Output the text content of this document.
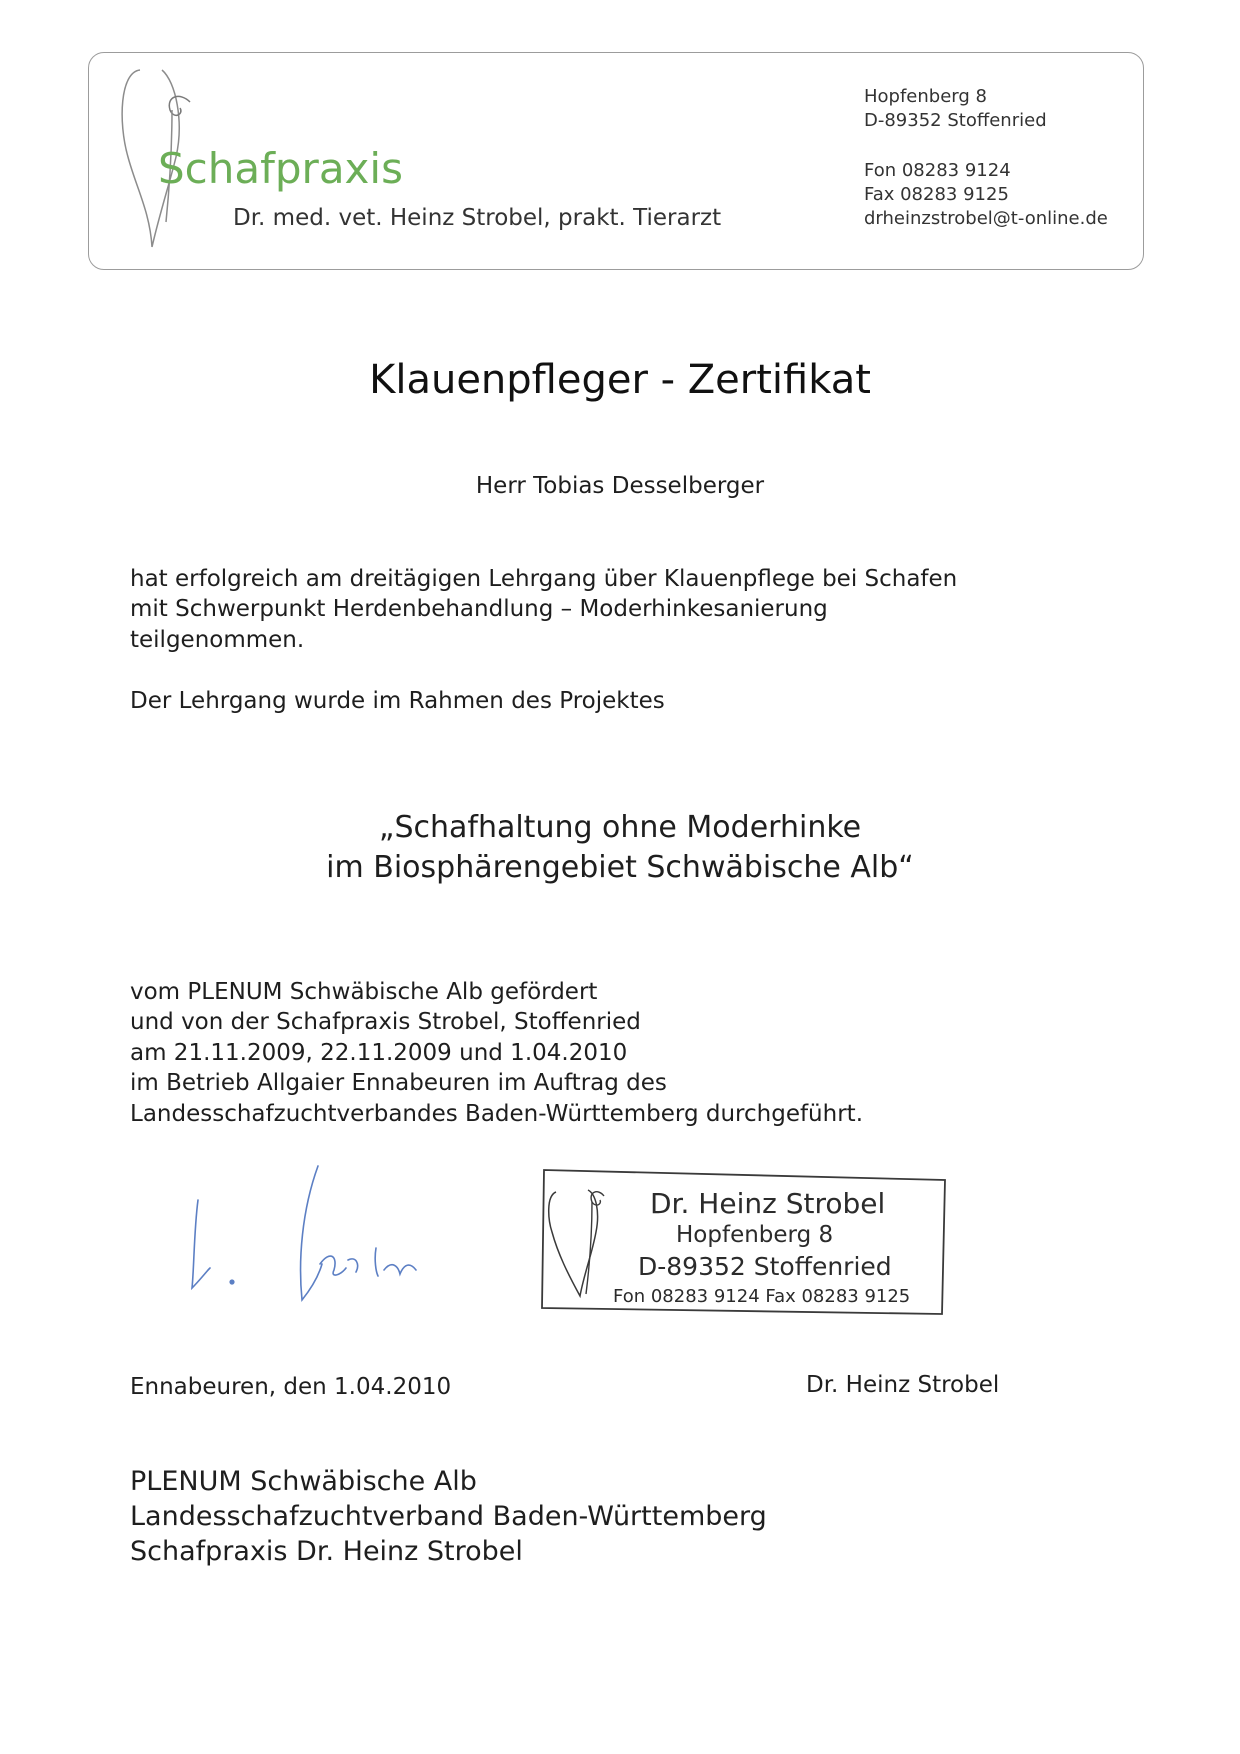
Schafpraxis
Dr. med. vet. Heinz Strobel, prakt. Tierarzt
Hopfenberg 8
D-89352 Stoffenried
Fon 08283 9124
Fax 08283 9125
drheinzstrobel@t-online.de
Klauenpfleger - Zertifikat
Herr Tobias Desselberger
hat erfolgreich am dreitägigen Lehrgang über Klauenpflege bei Schafen
mit Schwerpunkt Herdenbehandlung – Moderhinkesanierung
teilgenommen.
Der Lehrgang wurde im Rahmen des Projektes
„Schafhaltung ohne Moderhinke
im Biosphärengebiet Schwäbische Alb“
vom PLENUM Schwäbische Alb gefördert
und von der Schafpraxis Strobel, Stoffenried
am 21.11.2009, 22.11.2009 und 1.04.2010
im Betrieb Allgaier Ennabeuren im Auftrag des
Landesschafzuchtverbandes Baden-Württemberg durchgeführt.
Dr. Heinz Strobel
Hopfenberg 8
D-89352 Stoffenried
Fon 08283 9124 Fax 08283 9125
Ennabeuren, den 1.04.2010	Dr. Heinz Strobel
PLENUM Schwäbische Alb
Landesschafzuchtverband Baden-Württemberg
Schafpraxis Dr. Heinz Strobel
